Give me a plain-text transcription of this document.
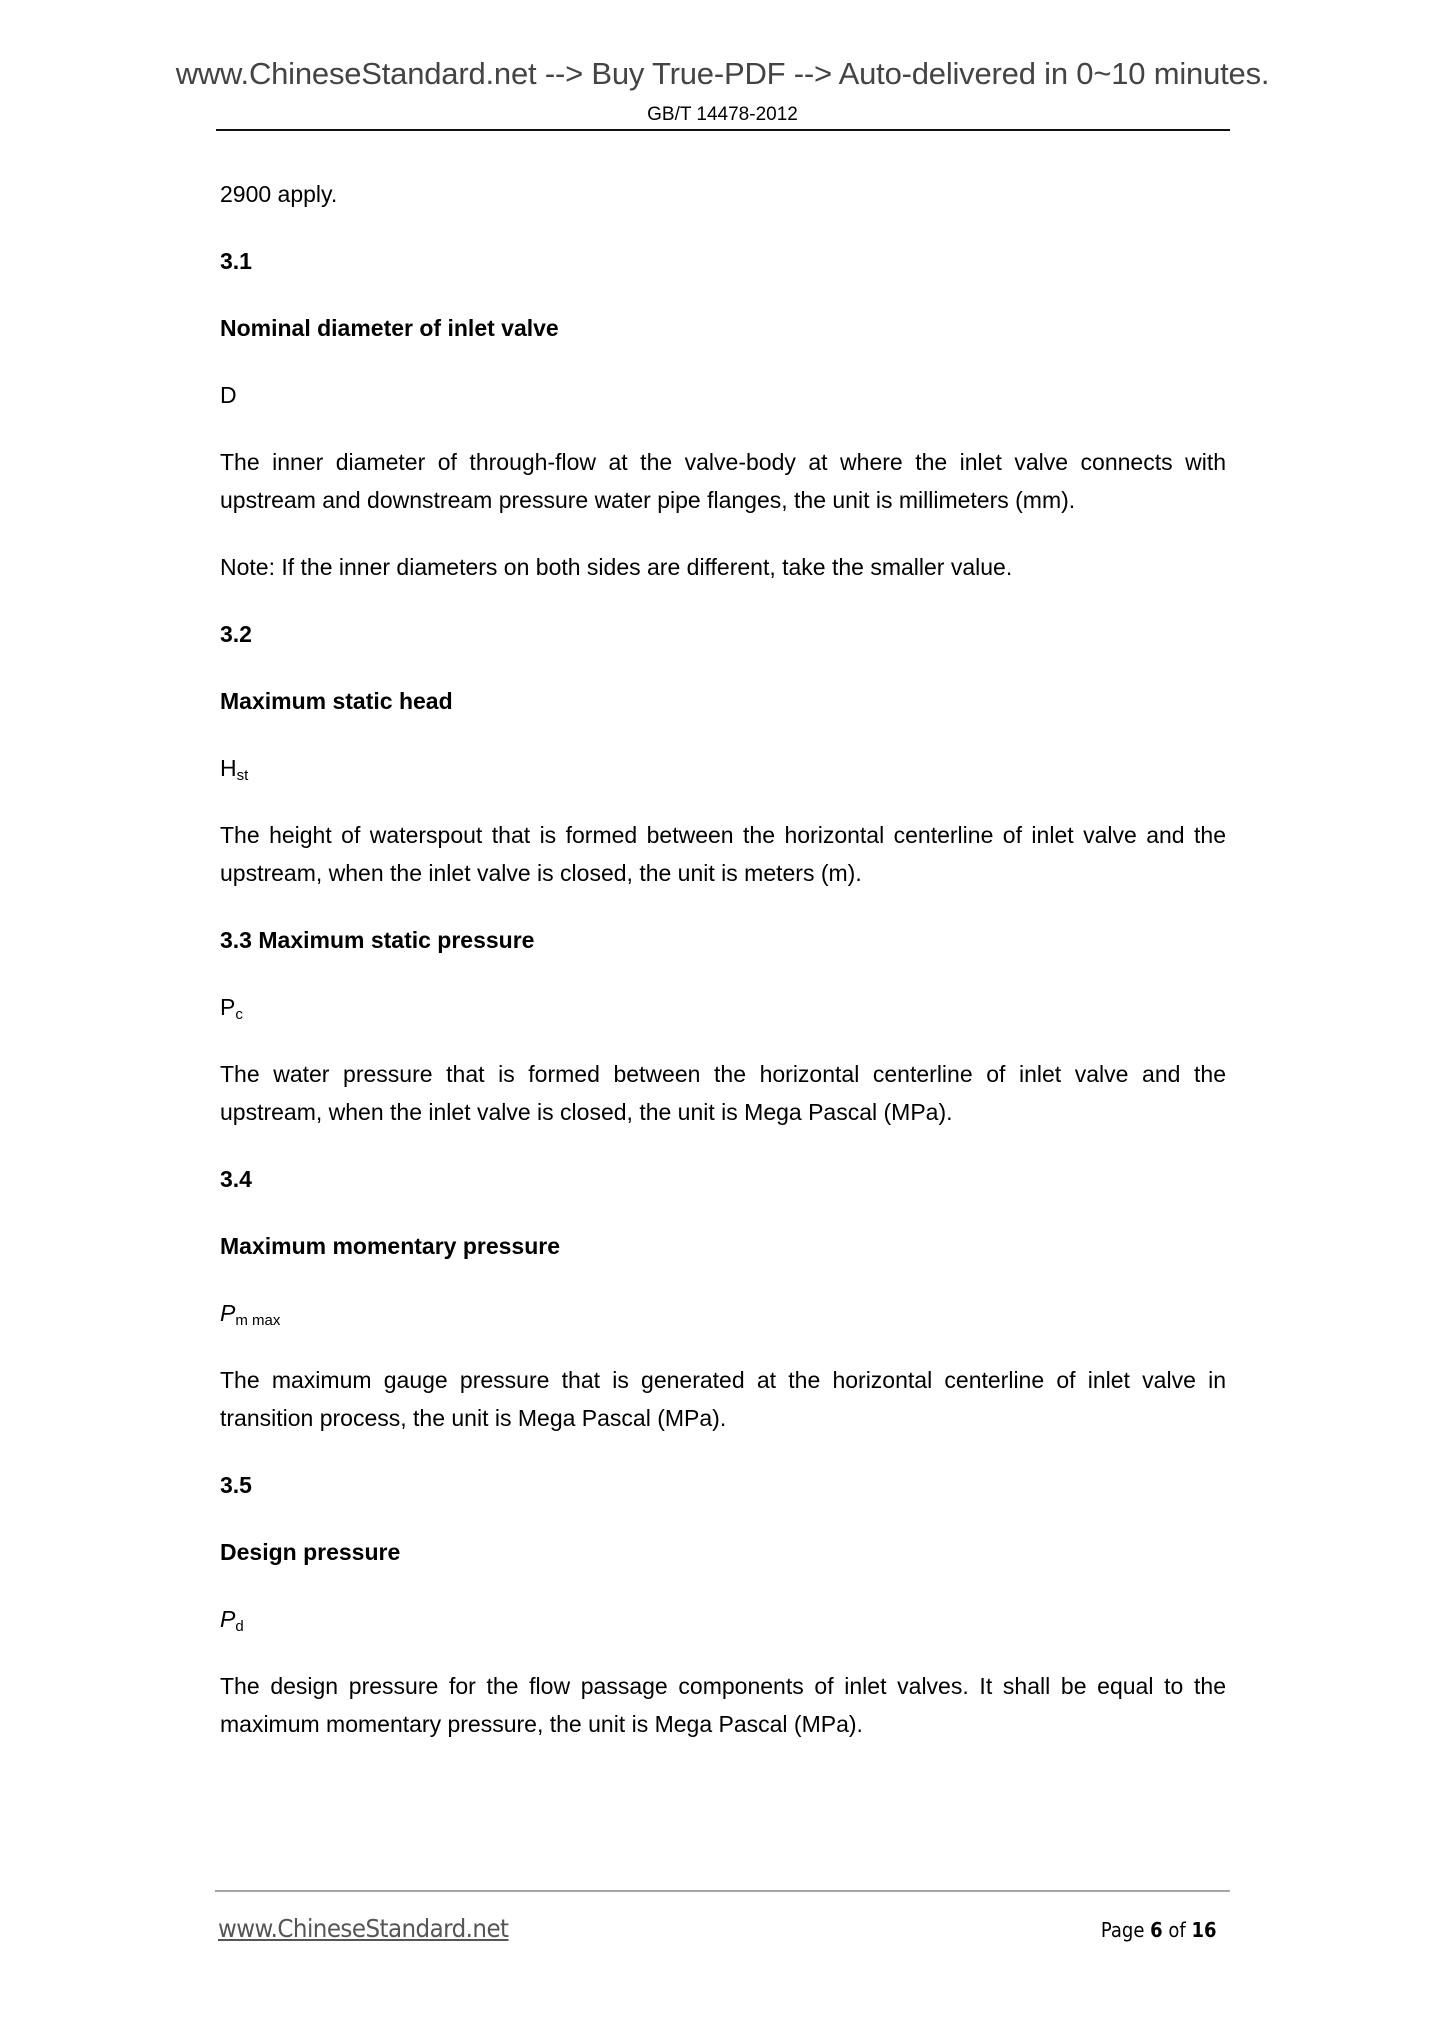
www.ChineseStandard.net --> Buy True-PDF --> Auto-delivered in 0~10 minutes.
GB/T 14478-2012

2900 apply.

3.1

Nominal diameter of inlet valve

D

The inner diameter of through-flow at the valve-body at where the inlet valve connects with upstream and downstream pressure water pipe flanges, the unit is millimeters (mm).

Note: If the inner diameters on both sides are different, take the smaller value.

3.2

Maximum static head

$H_{st}$

The height of waterspout that is formed between the horizontal centerline of inlet valve and the upstream, when the inlet valve is closed, the unit is meters (m).

3.3 Maximum static pressure

$P_c$

The water pressure that is formed between the horizontal centerline of inlet valve and the upstream, when the inlet valve is closed, the unit is Mega Pascal (MPa).

3.4

Maximum momentary pressure

$P_{m max}$

The maximum gauge pressure that is generated at the horizontal centerline of inlet valve in transition process, the unit is Mega Pascal (MPa).

3.5

Design pressure

$P_d$

The design pressure for the flow passage components of inlet valves. It shall be equal to the maximum momentary pressure, the unit is Mega Pascal (MPa).

www.ChineseStandard.net	Page 6 of 16
